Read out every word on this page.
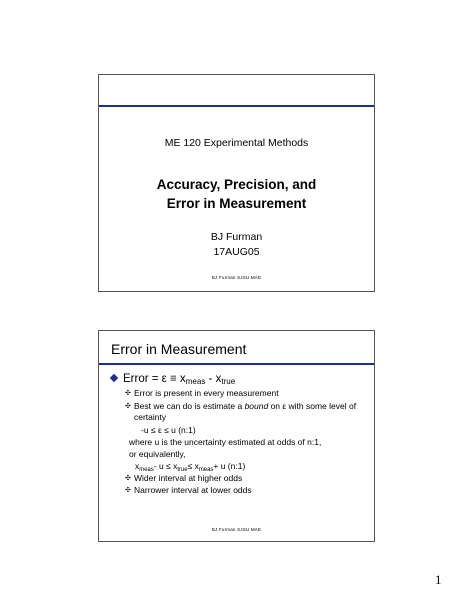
ME 120 Experimental Methods
Accuracy, Precision, and
Error in Measurement
BJ Furman
17AUG05
BJ Furman SJSU MAE
Error in Measurement
Error = $\varepsilon \equiv x_{meas} - x_{true}$
✣ Error is present in every measurement
✣ Best we can do is estimate a bound on ε with some level of certainty
-u ≤ ε ≤ u (n:1)
where u is the uncertainty estimated at odds of n:1,
or equivalently,
$x_{meas}-$ $u \le x_{true}\le x_{meas}+ u$ (n:1)
✣ Wider interval at higher odds
✣ Narrower interval at lower odds
BJ Furman SJSU MAE
1
